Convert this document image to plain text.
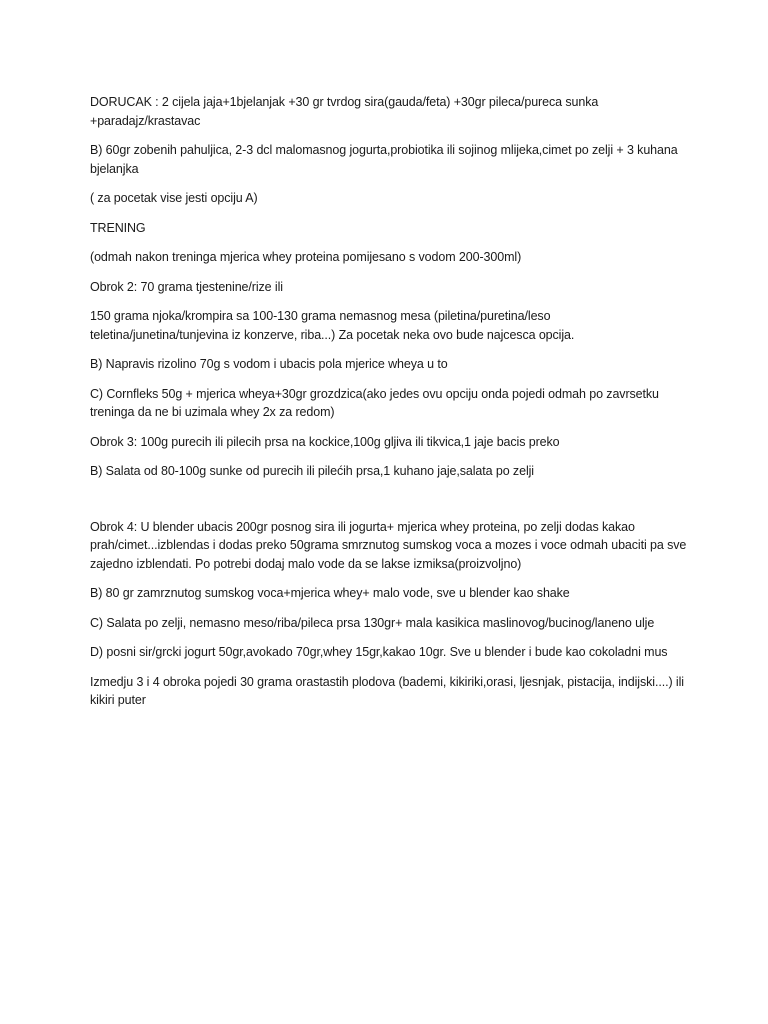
DORUCAK : 2 cijela jaja+1bjelanjak +30 gr tvrdog sira(gauda/feta) +30gr pileca/pureca sunka +paradajz/krastavac

B) 60gr zobenih pahuljica, 2-3 dcl malomasnog jogurta,probiotika ili sojinog mlijeka,cimet po zelji + 3 kuhana bjelanjka

( za pocetak vise jesti opciju A)

TRENING

(odmah nakon treninga mjerica whey proteina pomijesano s vodom 200-300ml)

Obrok 2: 70 grama tjestenine/rize ili

150 grama njoka/krompira sa 100-130 grama nemasnog mesa (piletina/puretina/leso teletina/junetina/tunjevina iz konzerve, riba...) Za pocetak neka ovo bude najcesca opcija.

B) Napravis rizolino 70g s vodom i ubacis pola mjerice wheya u to

C) Cornfleks 50g + mjerica wheya+30gr grozdzica(ako jedes ovu opciju onda pojedi odmah po zavrsetku treninga da ne bi uzimala whey 2x za redom)

Obrok 3: 100g purecih ili pilecih prsa na kockice,100g gljiva ili tikvica,1 jaje bacis preko

B) Salata od 80-100g sunke od purecih ili pilećih prsa,1 kuhano jaje,salata po zelji

Obrok 4: U blender ubacis 200gr posnog sira ili jogurta+ mjerica whey proteina, po zelji dodas kakao prah/cimet...izblendas i dodas preko 50grama smrznutog sumskog voca a mozes i voce odmah ubaciti pa sve zajedno izblendati. Po potrebi dodaj malo vode da se lakse izmiksa(proizvoljno)

B) 80 gr zamrznutog sumskog voca+mjerica whey+ malo vode, sve u blender kao shake

C) Salata po zelji, nemasno meso/riba/pileca prsa 130gr+ mala kasikica maslinovog/bucinog/laneno ulje

D) posni sir/grcki jogurt 50gr,avokado 70gr,whey 15gr,kakao 10gr. Sve u blender i bude kao cokoladni mus

Izmedju 3 i 4 obroka pojedi 30 grama orastastih plodova (bademi, kikiriki,orasi, ljesnjak, pistacija, indijski....) ili kikiri puter
